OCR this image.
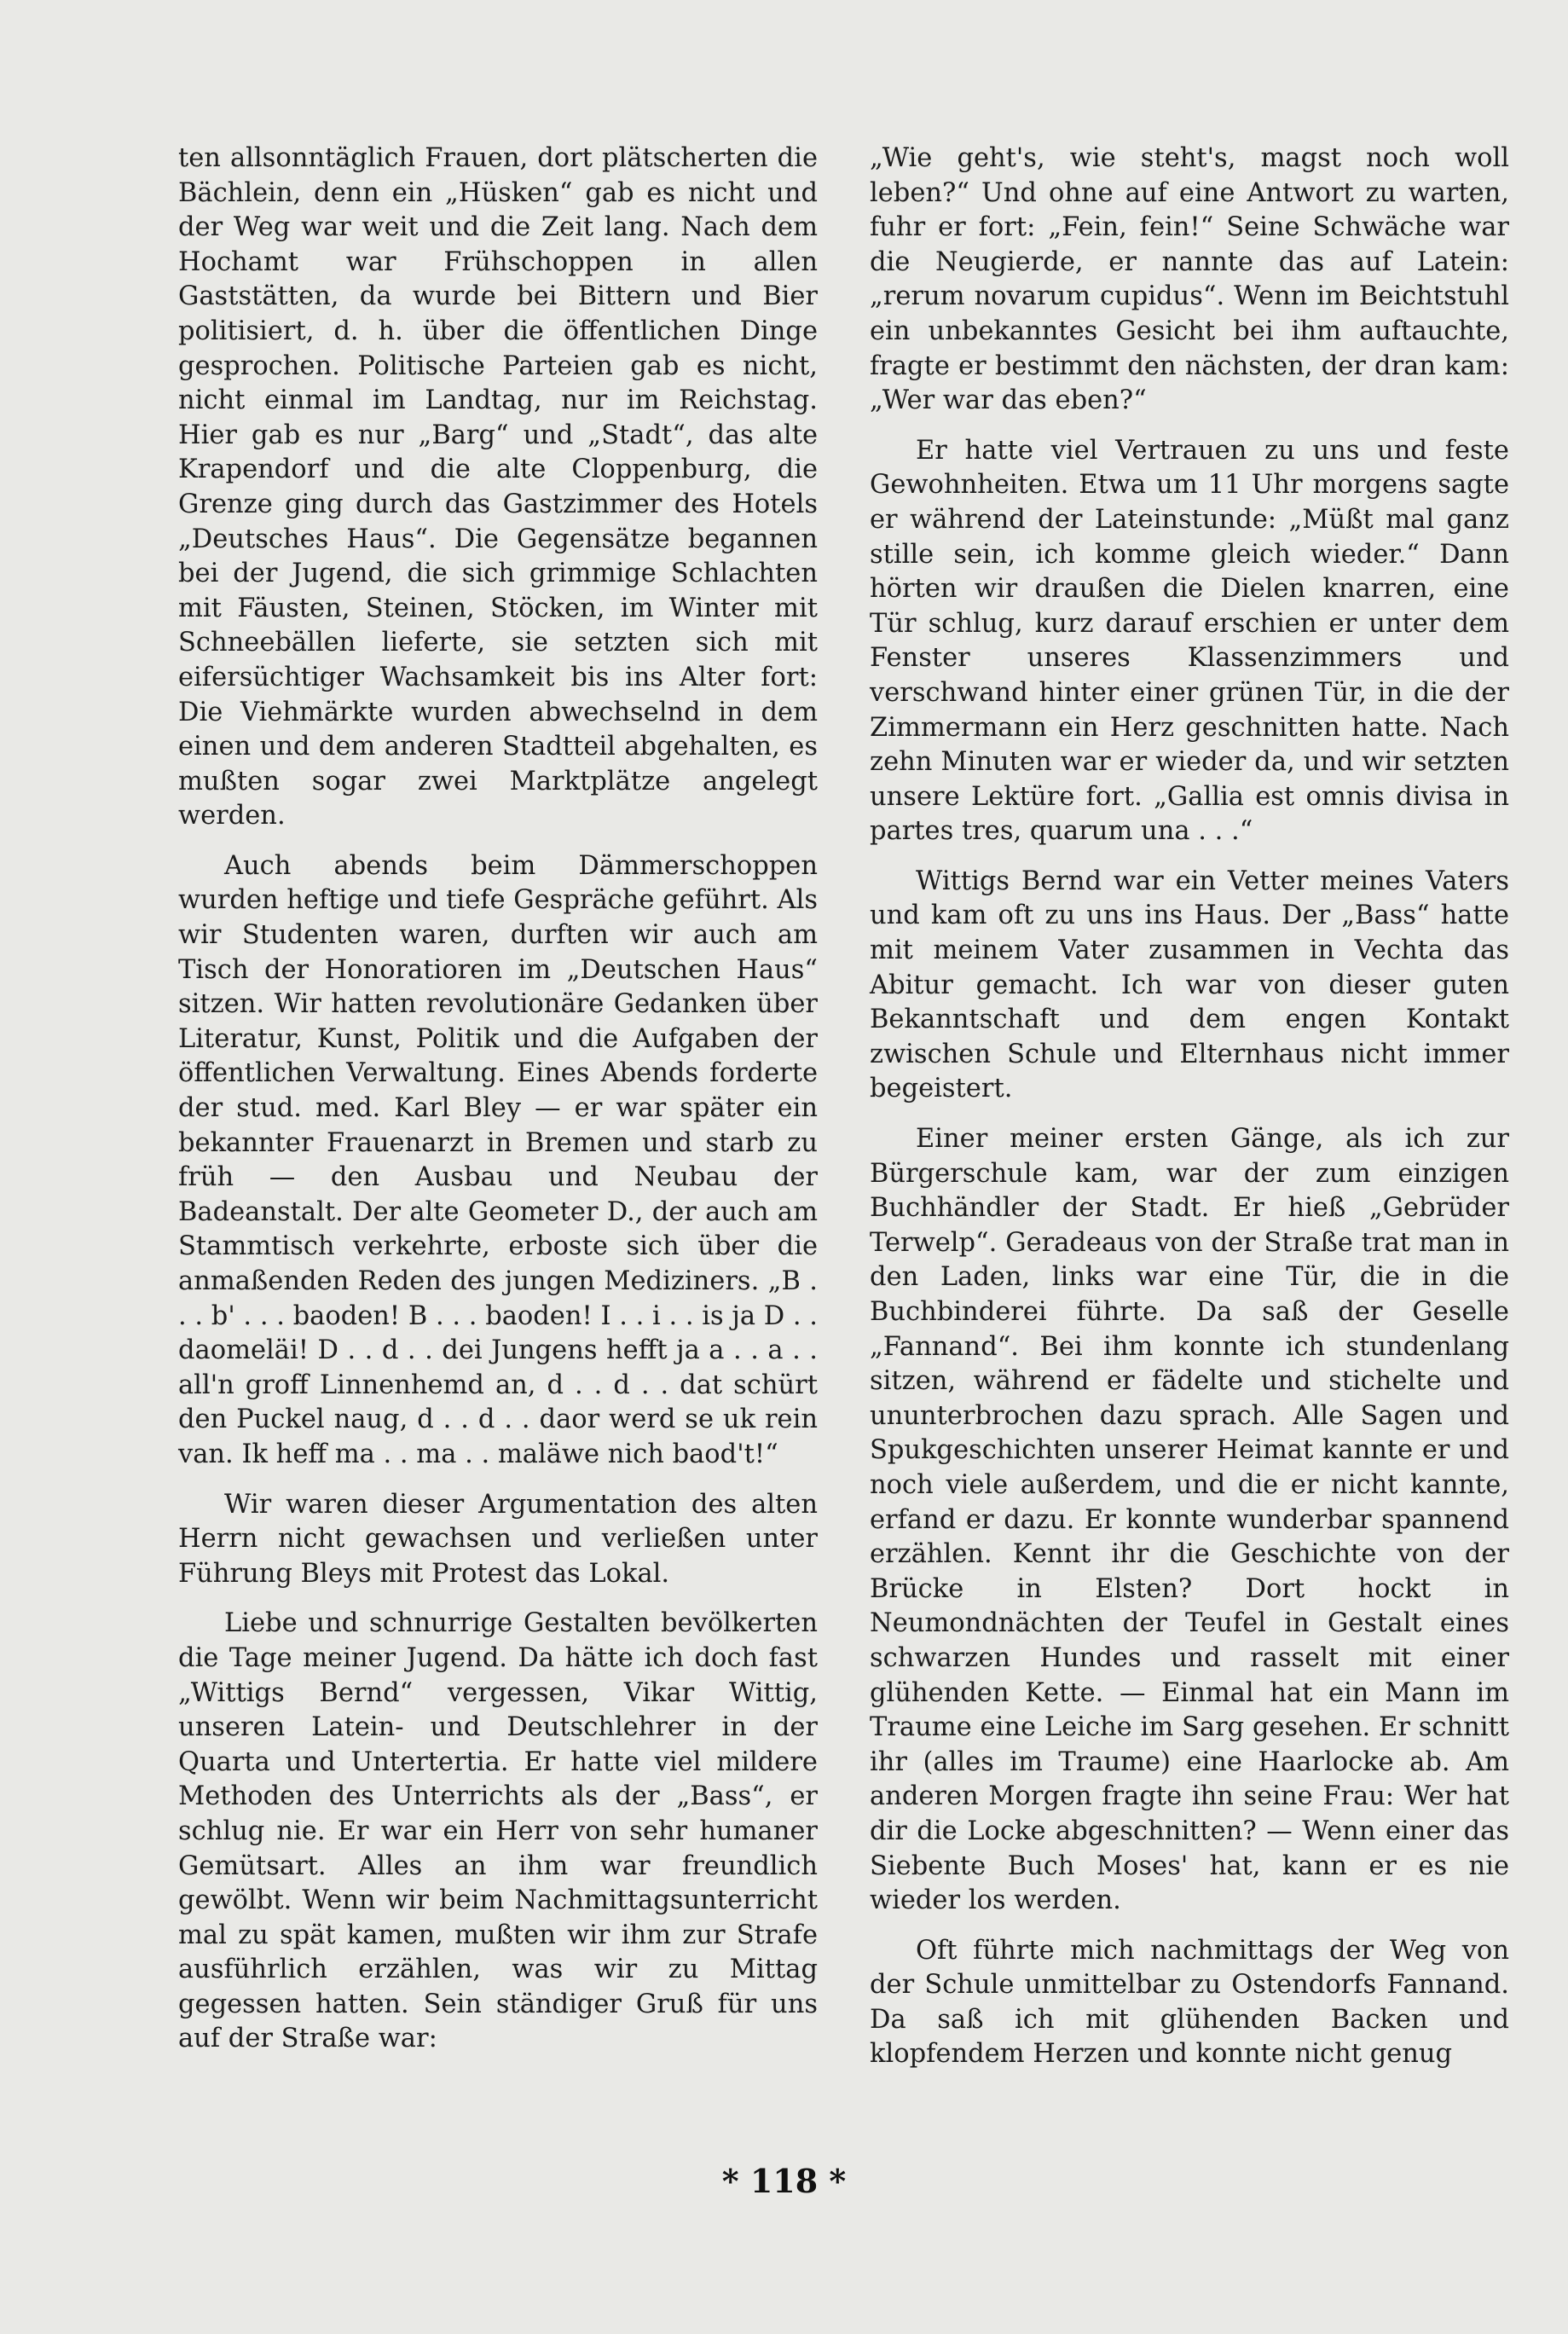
ten allsonntäglich Frauen, dort plätscherten die Bächlein, denn ein „Hüsken“ gab es nicht und der Weg war weit und die Zeit lang. Nach dem Hochamt war Frühschoppen in allen Gaststätten, da wurde bei Bittern und Bier politisiert, d. h. über die öffentlichen Dinge gesprochen. Politische Parteien gab es nicht, nicht einmal im Landtag, nur im Reichstag. Hier gab es nur „Barg“ und „Stadt“, das alte Krapendorf und die alte Cloppenburg, die Grenze ging durch das Gastzimmer des Hotels „Deutsches Haus“. Die Gegensätze begannen bei der Jugend, die sich grimmige Schlachten mit Fäusten, Steinen, Stöcken, im Winter mit Schneebällen lieferte, sie setzten sich mit eifersüchtiger Wachsamkeit bis ins Alter fort: Die Viehmärkte wurden abwechselnd in dem einen und dem anderen Stadtteil abgehalten, es mußten sogar zwei Marktplätze angelegt werden.

Auch abends beim Dämmerschoppen wurden heftige und tiefe Gespräche geführt. Als wir Studenten waren, durften wir auch am Tisch der Honoratioren im „Deutschen Haus“ sitzen. Wir hatten revolutionäre Gedanken über Literatur, Kunst, Politik und die Aufgaben der öffentlichen Verwaltung. Eines Abends forderte der stud. med. Karl Bley — er war später ein bekannter Frauenarzt in Bremen und starb zu früh — den Ausbau und Neubau der Badeanstalt. Der alte Geometer D., der auch am Stammtisch verkehrte, erboste sich über die anmaßenden Reden des jungen Mediziners. „B . . . b' . . . baoden! B . . . baoden! I . . i . . is ja D . . daomeläi! D . . d . . dei Jungens hefft ja a . . a . . all'n groff Linnenhemd an, d . . d . . dat schürt den Puckel naug, d . . d . . daor werd se uk rein van. Ik heff ma . . ma . . maläwe nich baod't!“

Wir waren dieser Argumentation des alten Herrn nicht gewachsen und verließen unter Führung Bleys mit Protest das Lokal.

Liebe und schnurrige Gestalten bevölkerten die Tage meiner Jugend. Da hätte ich doch fast „Wittigs Bernd“ vergessen, Vikar Wittig, unseren Latein- und Deutschlehrer in der Quarta und Untertertia. Er hatte viel mildere Methoden des Unterrichts als der „Bass“, er schlug nie. Er war ein Herr von sehr humaner Gemütsart. Alles an ihm war freundlich gewölbt. Wenn wir beim Nachmittagsunterricht mal zu spät kamen, mußten wir ihm zur Strafe ausführlich erzählen, was wir zu Mittag gegessen hatten. Sein ständiger Gruß für uns auf der Straße war:

„Wie geht's, wie steht's, magst noch woll leben?“ Und ohne auf eine Antwort zu warten, fuhr er fort: „Fein, fein!“ Seine Schwäche war die Neugierde, er nannte das auf Latein: „rerum novarum cupidus“. Wenn im Beichtstuhl ein unbekanntes Gesicht bei ihm auftauchte, fragte er bestimmt den nächsten, der dran kam: „Wer war das eben?“

Er hatte viel Vertrauen zu uns und feste Gewohnheiten. Etwa um 11 Uhr morgens sagte er während der Lateinstunde: „Müßt mal ganz stille sein, ich komme gleich wieder.“ Dann hörten wir draußen die Dielen knarren, eine Tür schlug, kurz darauf erschien er unter dem Fenster unseres Klassenzimmers und verschwand hinter einer grünen Tür, in die der Zimmermann ein Herz geschnitten hatte. Nach zehn Minuten war er wieder da, und wir setzten unsere Lektüre fort. „Gallia est omnis divisa in partes tres, quarum una . . .“

Wittigs Bernd war ein Vetter meines Vaters und kam oft zu uns ins Haus. Der „Bass“ hatte mit meinem Vater zusammen in Vechta das Abitur gemacht. Ich war von dieser guten Bekanntschaft und dem engen Kontakt zwischen Schule und Elternhaus nicht immer begeistert.

Einer meiner ersten Gänge, als ich zur Bürgerschule kam, war der zum einzigen Buchhändler der Stadt. Er hieß „Gebrüder Terwelp“. Geradeaus von der Straße trat man in den Laden, links war eine Tür, die in die Buchbinderei führte. Da saß der Geselle „Fannand“. Bei ihm konnte ich stundenlang sitzen, während er fädelte und stichelte und ununterbrochen dazu sprach. Alle Sagen und Spukgeschichten unserer Heimat kannte er und noch viele außerdem, und die er nicht kannte, erfand er dazu. Er konnte wunderbar spannend erzählen. Kennt ihr die Geschichte von der Brücke in Elsten? Dort hockt in Neumondnächten der Teufel in Gestalt eines schwarzen Hundes und rasselt mit einer glühenden Kette. — Einmal hat ein Mann im Traume eine Leiche im Sarg gesehen. Er schnitt ihr (alles im Traume) eine Haarlocke ab. Am anderen Morgen fragte ihn seine Frau: Wer hat dir die Locke abgeschnitten? — Wenn einer das Siebente Buch Moses' hat, kann er es nie wieder los werden.

Oft führte mich nachmittags der Weg von der Schule unmittelbar zu Ostendorfs Fannand. Da saß ich mit glühenden Backen und klopfendem Herzen und konnte nicht genug

* 118 *
